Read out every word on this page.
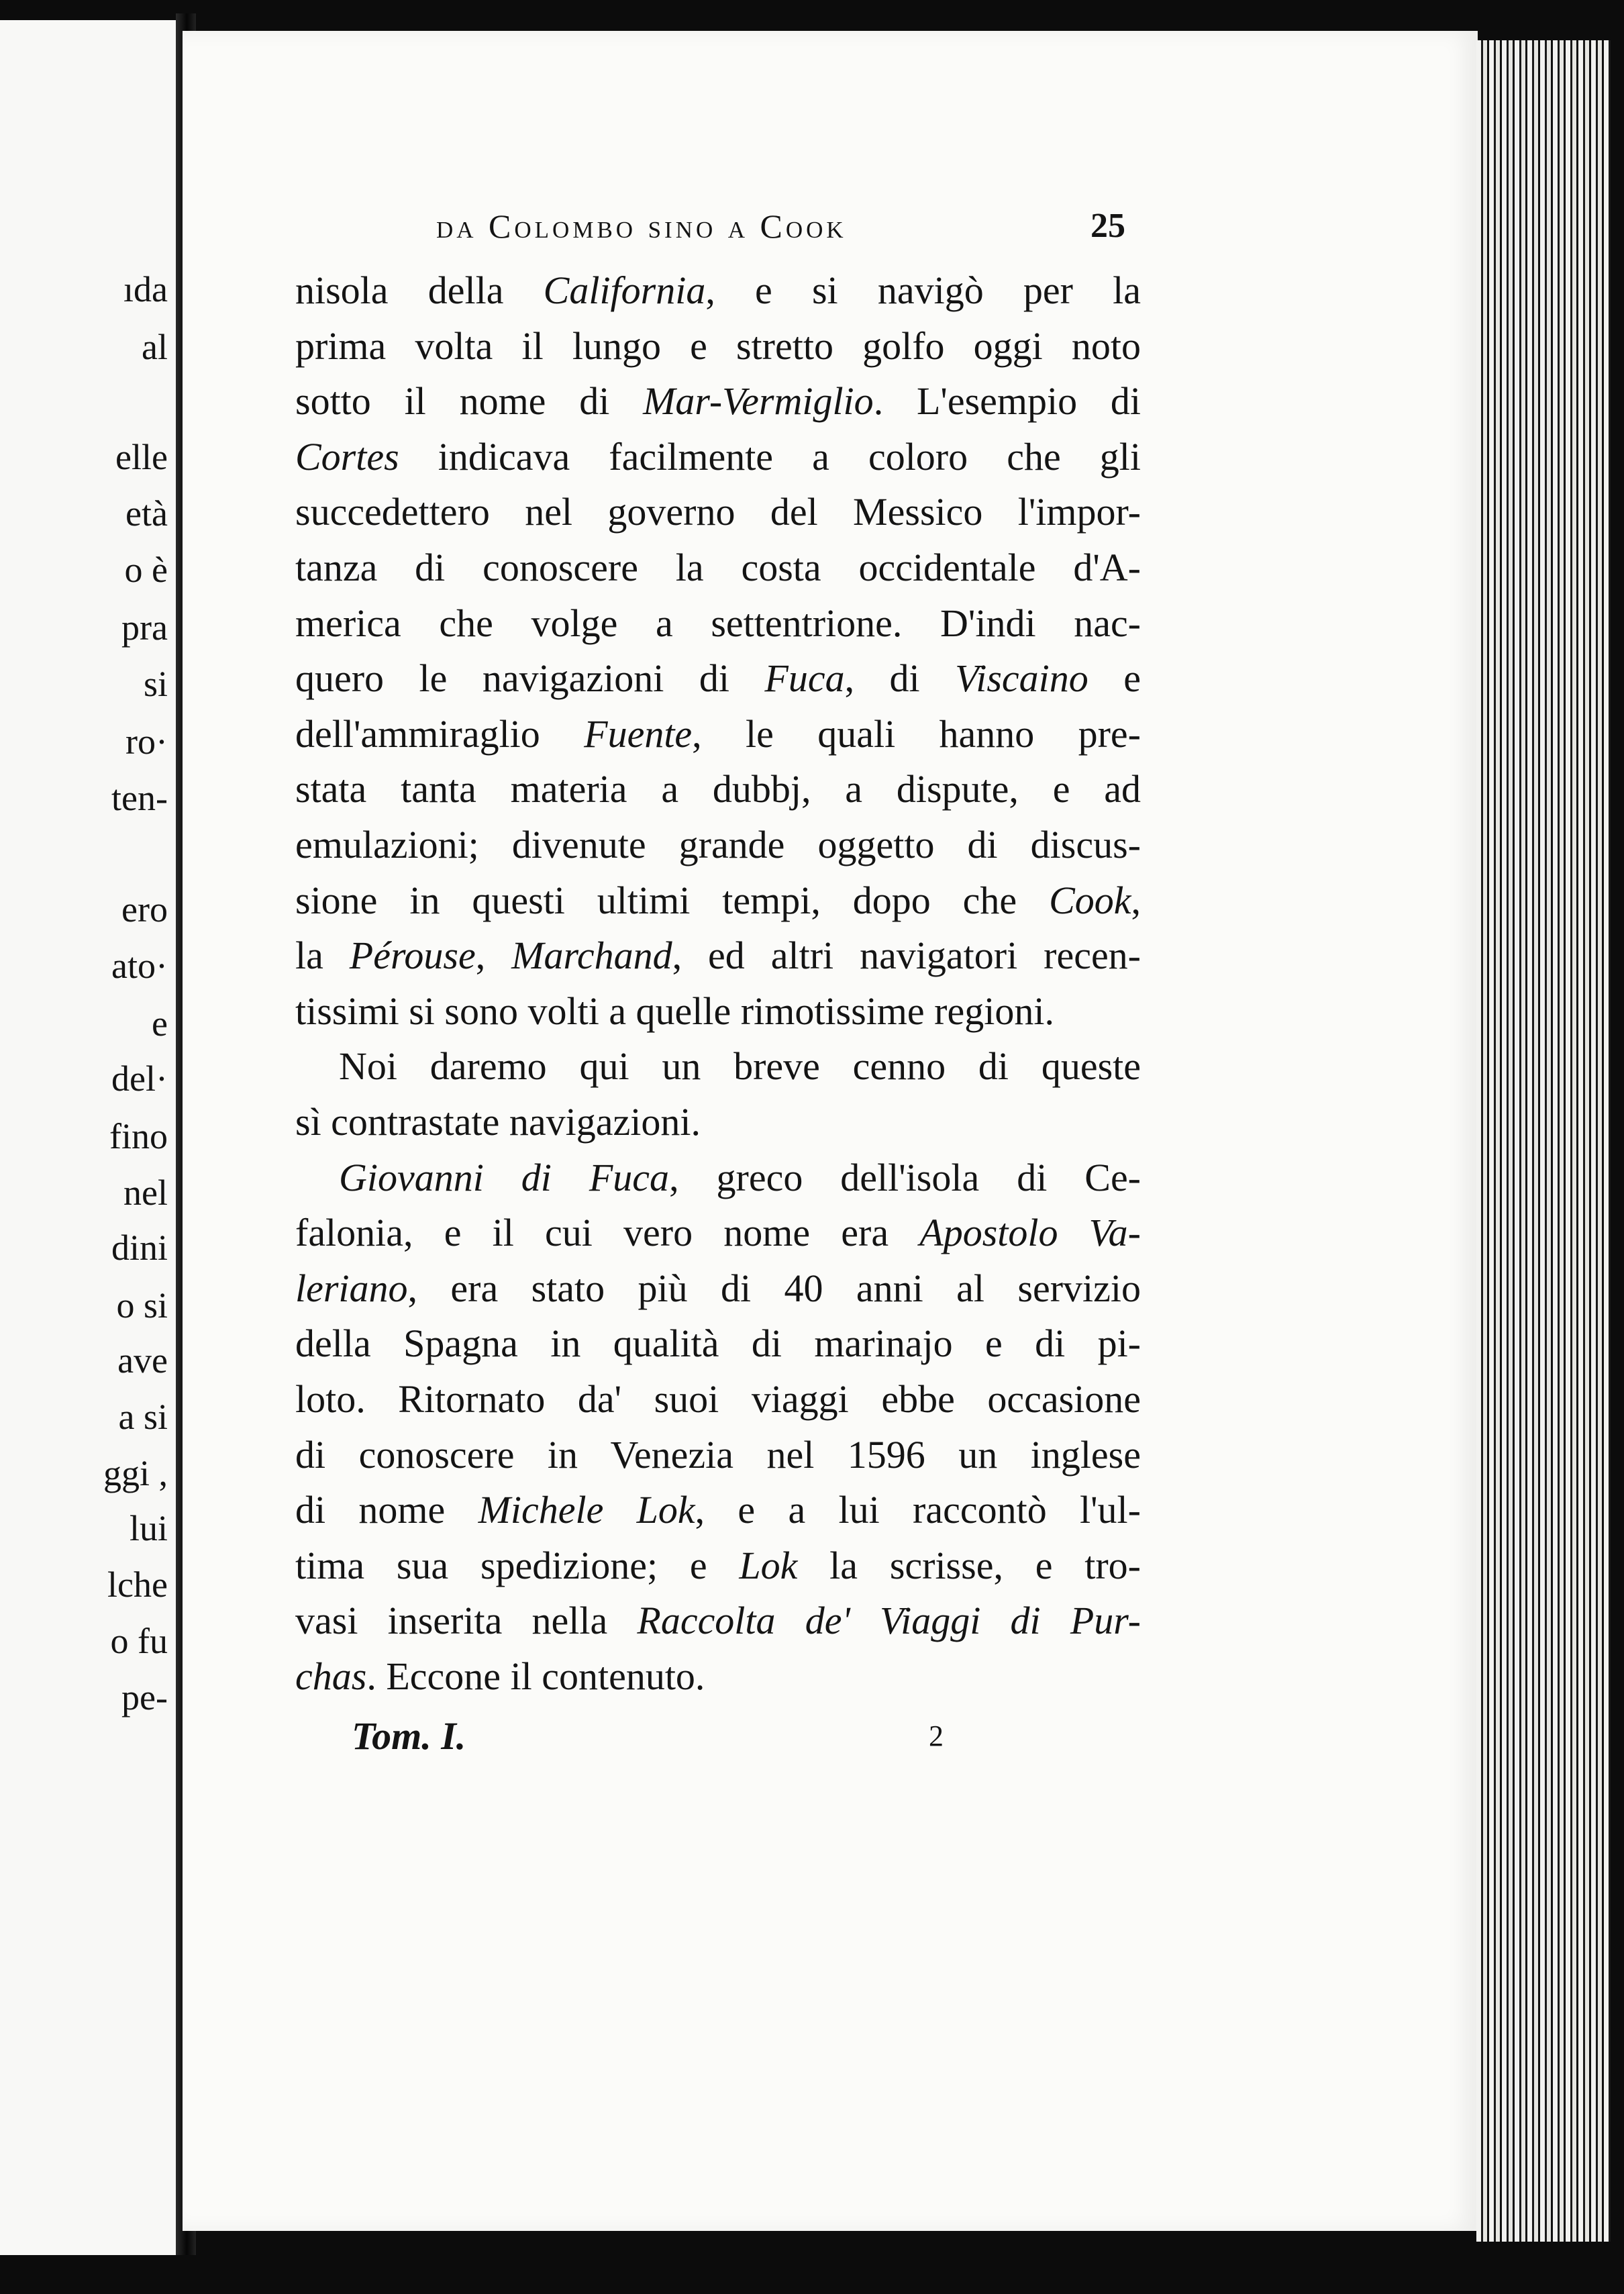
ıda
al
elle
età
o è
pra
si
ro·
ten-
ero
ato·
e
del·
fino
nel
dini
o si
ave
a si
ggi ,
lui
lche
o fu
pe-
da Colombo sino a Cook	25

nisola della California, e si navigò per la

prima volta il lungo e stretto golfo oggi noto

sotto il nome di Mar-Vermiglio. L'esempio di

Cortes indicava facilmente a coloro che gli

succedettero nel governo del Messico l'impor-

tanza di conoscere la costa occidentale d'A-

merica che volge a settentrione. D'indi nac-

quero le navigazioni di Fuca, di Viscaino e

dell'ammiraglio Fuente, le quali hanno pre-

stata tanta materia a dubbj, a dispute, e ad

emulazioni; divenute grande oggetto di discus-

sione in questi ultimi tempi, dopo che Cook,

la Pérouse, Marchand, ed altri navigatori recen-

tissimi si sono volti a quelle rimotissime regioni.

Noi daremo qui un breve cenno di queste

sì contrastate navigazioni.

Giovanni di Fuca, greco dell'isola di Ce-

falonia, e il cui vero nome era Apostolo Va-

leriano, era stato più di 40 anni al servizio

della Spagna in qualità di marinajo e di pi-

loto. Ritornato da' suoi viaggi ebbe occasione

di conoscere in Venezia nel 1596 un inglese

di nome Michele Lok, e a lui raccontò l'ul-

tima sua spedizione; e Lok la scrisse, e tro-

vasi inserita nella Raccolta de' Viaggi di Pur-

chas. Eccone il contenuto.

Tom. I.	2
